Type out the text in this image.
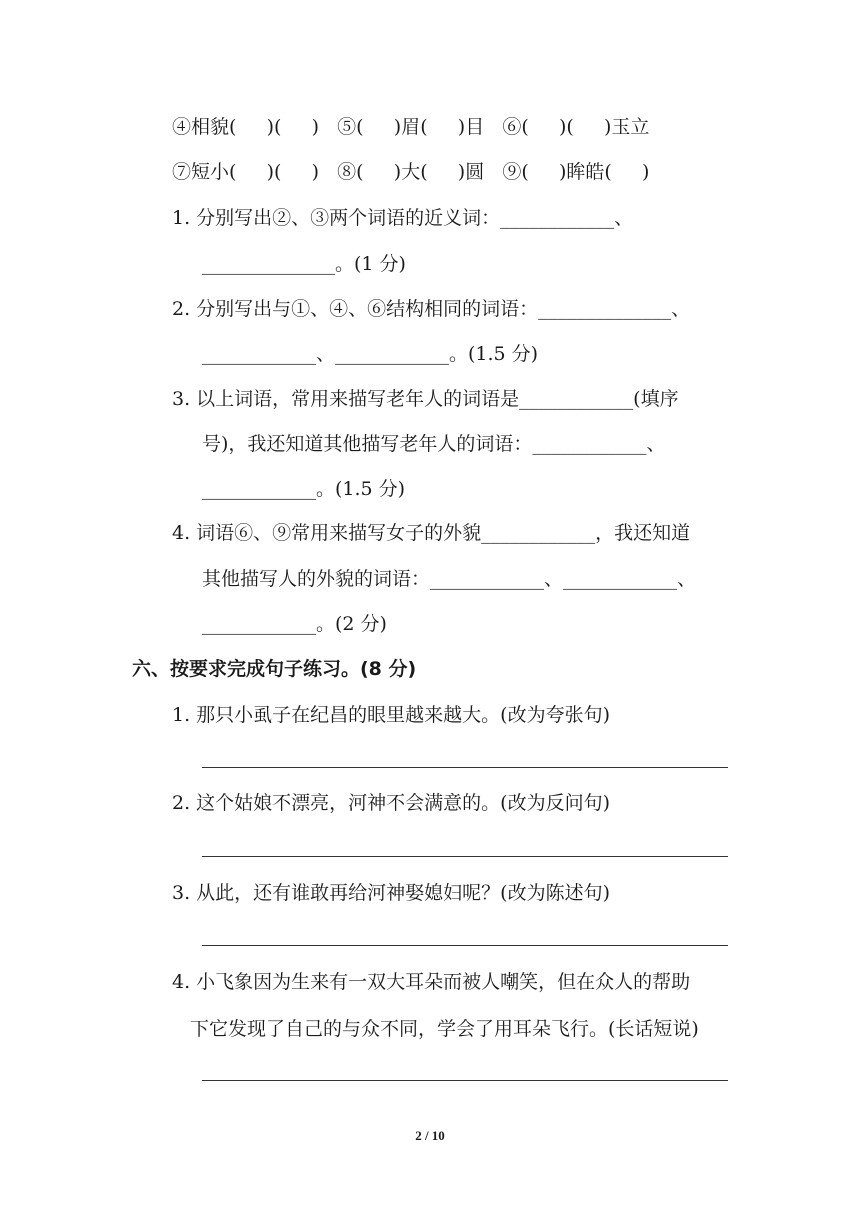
④相貌(     )(     )   ⑤(     )眉(     )目   ⑥(     )(     )玉立
⑦短小(     )(     )   ⑧(     )大(     )圆   ⑨(     )眸皓(     )
1. 分别写出②、③两个词语的近义词：____________、
______________。(1 分)
2. 分别写出与①、④、⑥结构相同的词语：______________、
____________、____________。(1.5 分)
3. 以上词语，常用来描写老年人的词语是____________(填序
号)，我还知道其他描写老年人的词语：____________、
____________。(1.5 分)
4. 词语⑥、⑨常用来描写女子的外貌____________，我还知道
其他描写人的外貌的词语：____________、____________、
____________。(2 分)
六、按要求完成句子练习。(8 分)
1. 那只小虱子在纪昌的眼里越来越大。(改为夸张句)
2. 这个姑娘不漂亮，河神不会满意的。(改为反问句)
3. 从此，还有谁敢再给河神娶媳妇呢？(改为陈述句)
4. 小飞象因为生来有一双大耳朵而被人嘲笑，但在众人的帮助
下它发现了自己的与众不同，学会了用耳朵飞行。(长话短说)
2 / 10
